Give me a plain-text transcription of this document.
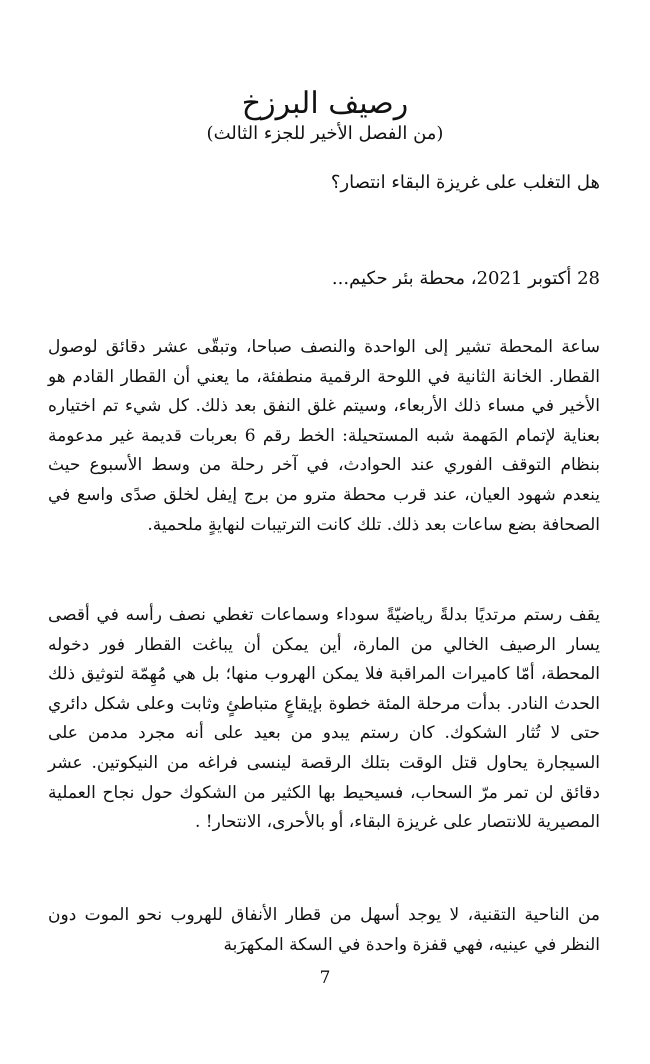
رصيف البرزخ
(من الفصل الأخير للجزء الثالث)
هل التغلب على غريزة البقاء انتصار؟
28 أكتوبر 2021، محطة بئر حكيم...

ساعة المحطة تشير إلى الواحدة والنصف صباحا، وتبقّى عشر دقائق لوصول القطار. الخانة الثانية في اللوحة الرقمية منطفئة، ما يعني أن القطار القادم هو الأخير في مساء ذلك الأربعاء، وسيتم غلق النفق بعد ذلك. كل شيء تم اختياره بعناية لإتمام المَهمة شبه المستحيلة: الخط رقم 6 بعربات قديمة غير مدعومة بنظام التوقف الفوري عند الحوادث، في آخر رحلة من وسط الأسبوع حيث ينعدم شهود العيان، عند قرب محطة مترو من برج إيفل لخلق صدًى واسع في الصحافة بضع ساعات بعد ذلك. تلك كانت الترتيبات لنهايةٍ ملحمية.

يقف رستم مرتديًا بدلةً رياضيّةً سوداء وسماعات تغطي نصف رأسه في أقصى يسار الرصيف الخالي من المارة، أين يمكن أن يباغت القطار فور دخوله المحطة، أمّا كاميرات المراقبة فلا يمكن الهروب منها؛ بل هي مُهِمّة لتوثيق ذلك الحدث النادر. بدأت مرحلة المئة خطوة بإيقاعٍ متباطئٍ وثابت وعلى شكل دائري حتى لا تُثار الشكوك. كان رستم يبدو من بعيد على أنه مجرد مدمن على السيجارة يحاول قتل الوقت بتلك الرقصة لينسى فراغه من النيكوتين. عشر دقائق لن تمر مرّ السحاب، فسيحيط بها الكثير من الشكوك حول نجاح العملية المصيرية للانتصار على غريزة البقاء، أو بالأحرى، الانتحار! .

من الناحية التقنية، لا يوجد أسهل من قطار الأنفاق للهروب نحو الموت دون النظر في عينيه، فهي قفزة واحدة في السكة المكهرَبة

7
